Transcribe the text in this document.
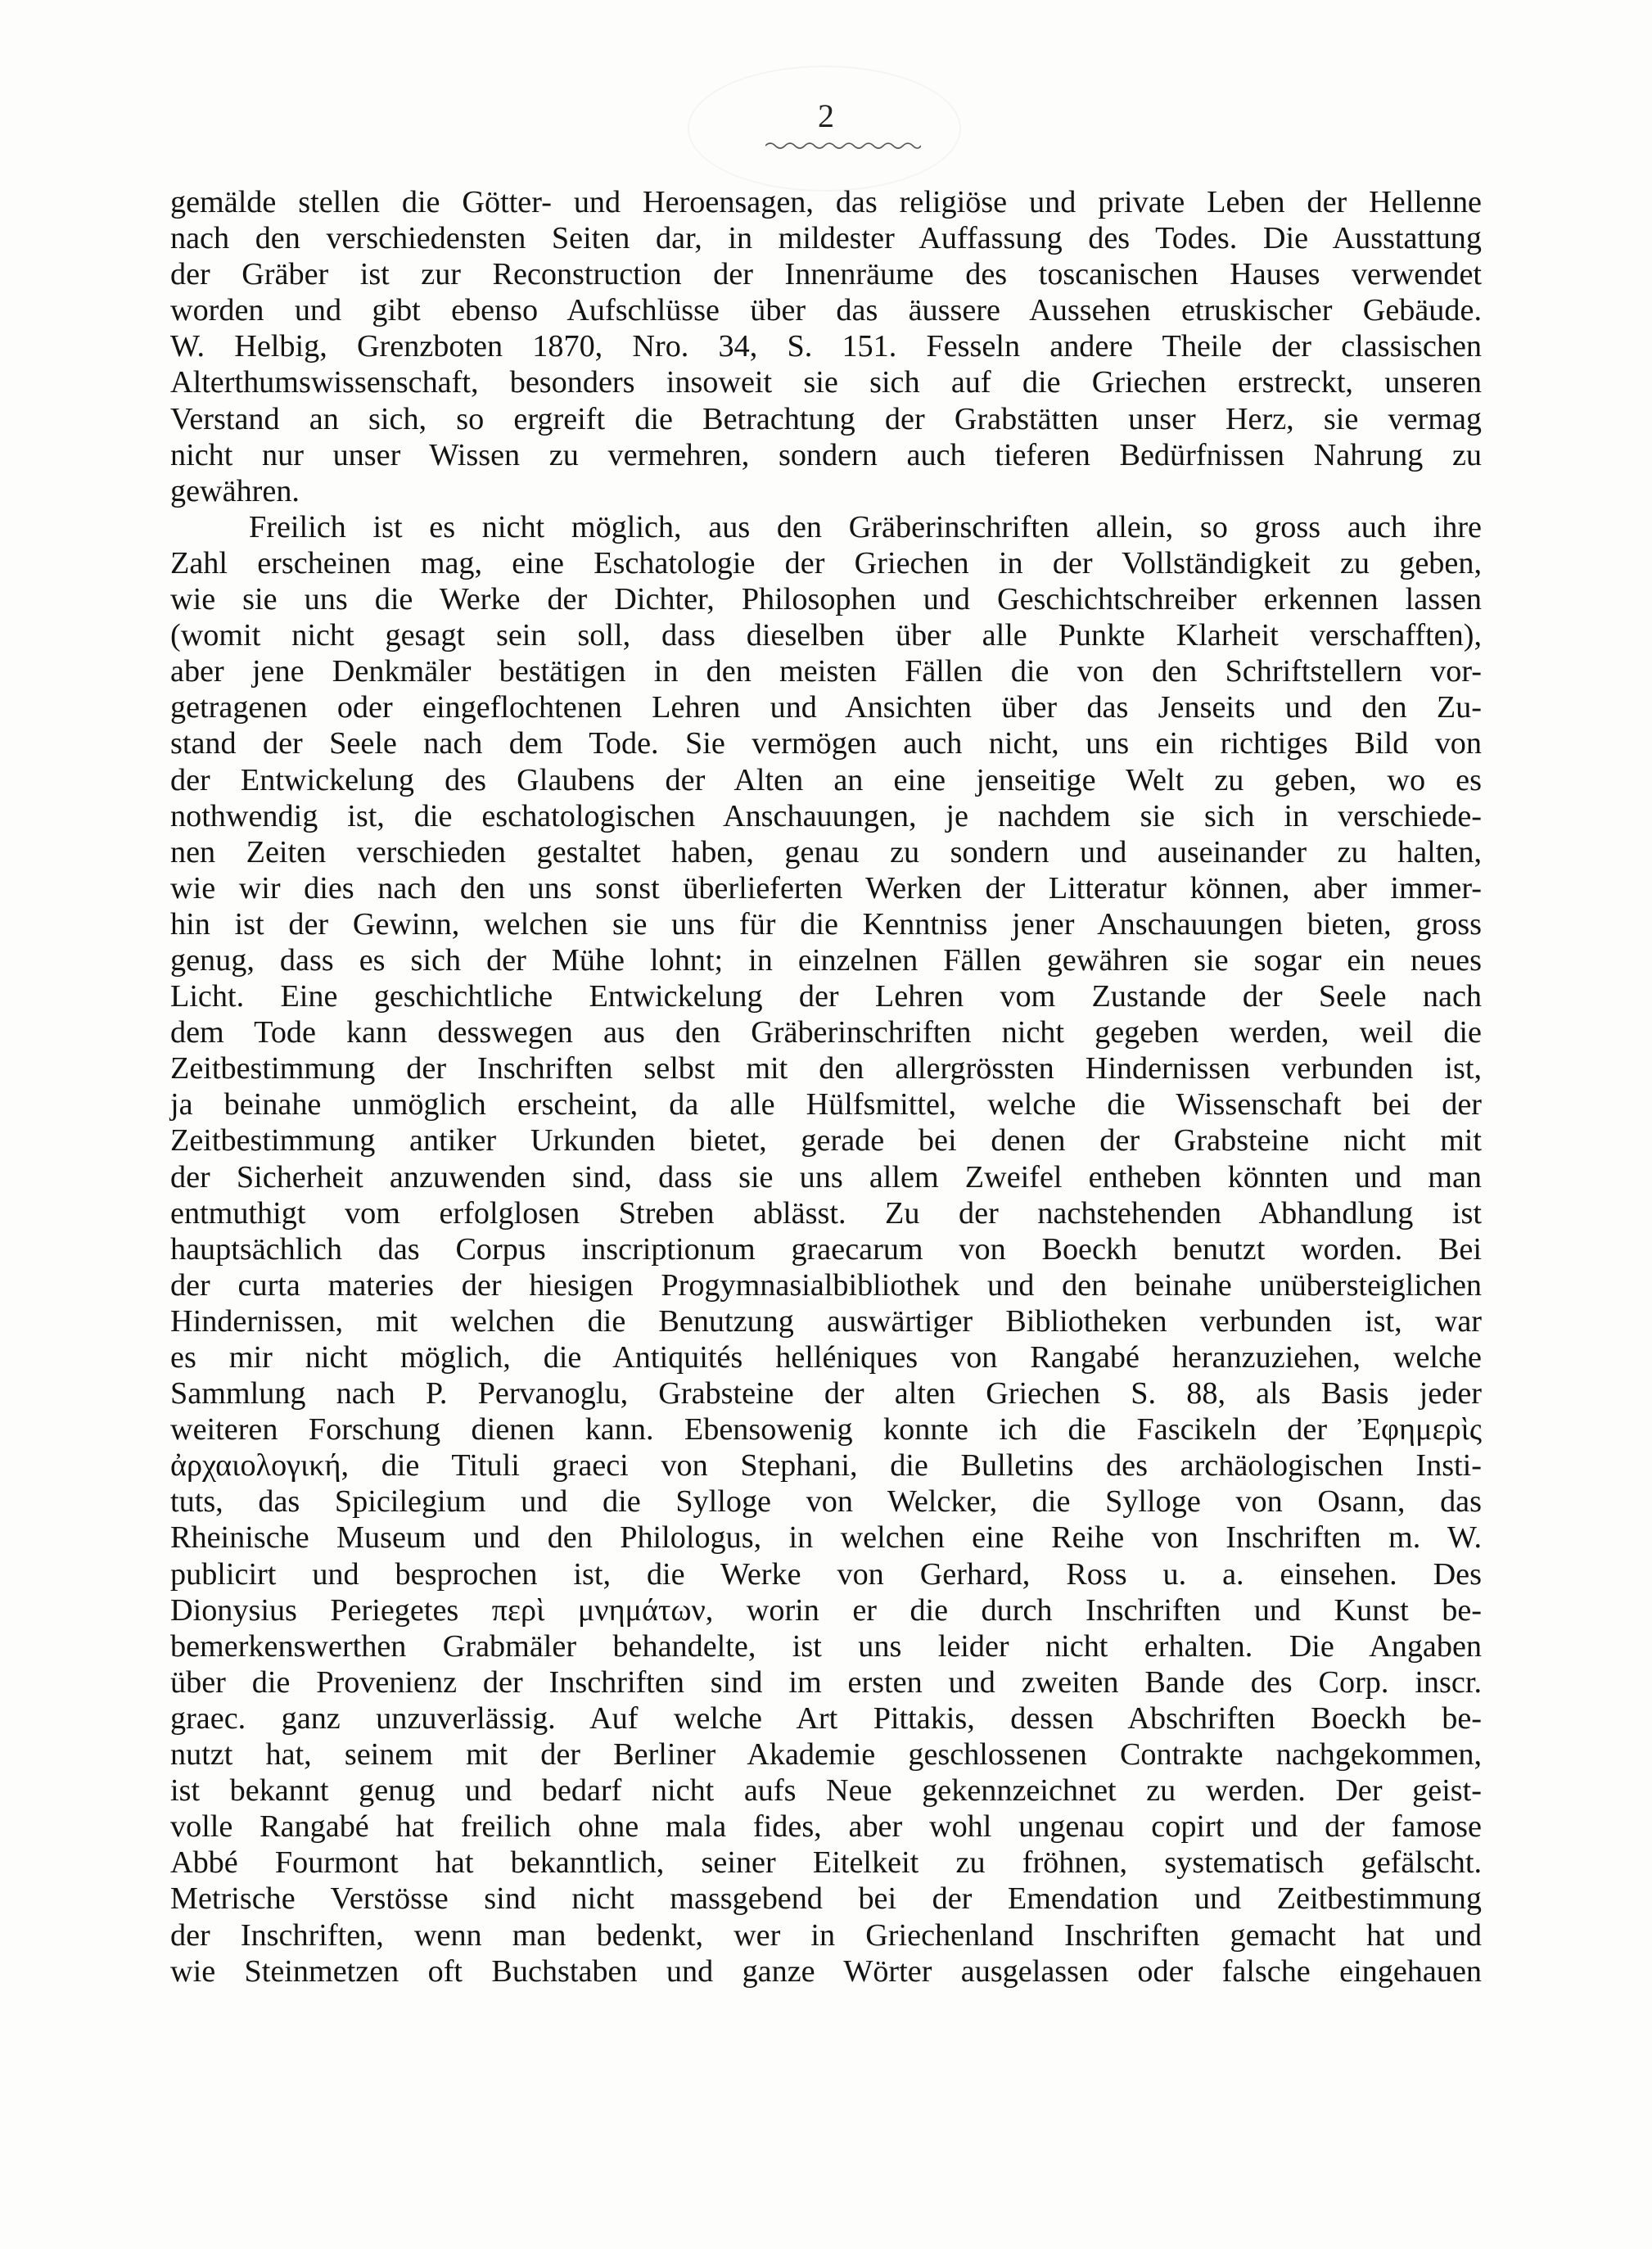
2
gemälde stellen die Götter- und Heroensagen, das religiöse und private Leben der Hellenne
nach den verschiedensten Seiten dar, in mildester Auffassung des Todes. Die Ausstattung
der Gräber ist zur Reconstruction der Innenräume des toscanischen Hauses verwendet
worden und gibt ebenso Aufschlüsse über das äussere Aussehen etruskischer Gebäude.
W. Helbig, Grenzboten 1870, Nro. 34, S. 151. Fesseln andere Theile der classischen
Alterthumswissenschaft, besonders insoweit sie sich auf die Griechen erstreckt, unseren
Verstand an sich, so ergreift die Betrachtung der Grabstätten unser Herz, sie vermag
nicht nur unser Wissen zu vermehren, sondern auch tieferen Bedürfnissen Nahrung zu
gewähren.
Freilich ist es nicht möglich, aus den Gräberinschriften allein, so gross auch ihre
Zahl erscheinen mag, eine Eschatologie der Griechen in der Vollständigkeit zu geben,
wie sie uns die Werke der Dichter, Philosophen und Geschichtschreiber erkennen lassen
(womit nicht gesagt sein soll, dass dieselben über alle Punkte Klarheit verschafften),
aber jene Denkmäler bestätigen in den meisten Fällen die von den Schriftstellern vor-
getragenen oder eingeflochtenen Lehren und Ansichten über das Jenseits und den Zu-
stand der Seele nach dem Tode. Sie vermögen auch nicht, uns ein richtiges Bild von
der Entwickelung des Glaubens der Alten an eine jenseitige Welt zu geben, wo es
nothwendig ist, die eschatologischen Anschauungen, je nachdem sie sich in verschiede-
nen Zeiten verschieden gestaltet haben, genau zu sondern und auseinander zu halten,
wie wir dies nach den uns sonst überlieferten Werken der Litteratur können, aber immer-
hin ist der Gewinn, welchen sie uns für die Kenntniss jener Anschauungen bieten, gross
genug, dass es sich der Mühe lohnt; in einzelnen Fällen gewähren sie sogar ein neues
Licht. Eine geschichtliche Entwickelung der Lehren vom Zustande der Seele nach
dem Tode kann desswegen aus den Gräberinschriften nicht gegeben werden, weil die
Zeitbestimmung der Inschriften selbst mit den allergrössten Hindernissen verbunden ist,
ja beinahe unmöglich erscheint, da alle Hülfsmittel, welche die Wissenschaft bei der
Zeitbestimmung antiker Urkunden bietet, gerade bei denen der Grabsteine nicht mit
der Sicherheit anzuwenden sind, dass sie uns allem Zweifel entheben könnten und man
entmuthigt vom erfolglosen Streben ablässt. Zu der nachstehenden Abhandlung ist
hauptsächlich das Corpus inscriptionum graecarum von Boeckh benutzt worden. Bei
der curta materies der hiesigen Progymnasialbibliothek und den beinahe unübersteiglichen
Hindernissen, mit welchen die Benutzung auswärtiger Bibliotheken verbunden ist, war
es mir nicht möglich, die Antiquités helléniques von Rangabé heranzuziehen, welche
Sammlung nach P. Pervanoglu, Grabsteine der alten Griechen S. 88, als Basis jeder
weiteren Forschung dienen kann. Ebensowenig konnte ich die Fascikeln der Ἐφημερὶς
ἀρχαιολογική, die Tituli graeci von Stephani, die Bulletins des archäologischen Insti-
tuts, das Spicilegium und die Sylloge von Welcker, die Sylloge von Osann, das
Rheinische Museum und den Philologus, in welchen eine Reihe von Inschriften m. W.
publicirt und besprochen ist, die Werke von Gerhard, Ross u. a. einsehen. Des
Dionysius Periegetes περὶ μνημάτων, worin er die durch Inschriften und Kunst be-
bemerkenswerthen Grabmäler behandelte, ist uns leider nicht erhalten. Die Angaben
über die Provenienz der Inschriften sind im ersten und zweiten Bande des Corp. inscr.
graec. ganz unzuverlässig. Auf welche Art Pittakis, dessen Abschriften Boeckh be-
nutzt hat, seinem mit der Berliner Akademie geschlossenen Contrakte nachgekommen,
ist bekannt genug und bedarf nicht aufs Neue gekennzeichnet zu werden. Der geist-
volle Rangabé hat freilich ohne mala fides, aber wohl ungenau copirt und der famose
Abbé Fourmont hat bekanntlich, seiner Eitelkeit zu fröhnen, systematisch gefälscht.
Metrische Verstösse sind nicht massgebend bei der Emendation und Zeitbestimmung
der Inschriften, wenn man bedenkt, wer in Griechenland Inschriften gemacht hat und
wie Steinmetzen oft Buchstaben und ganze Wörter ausgelassen oder falsche eingehauen
